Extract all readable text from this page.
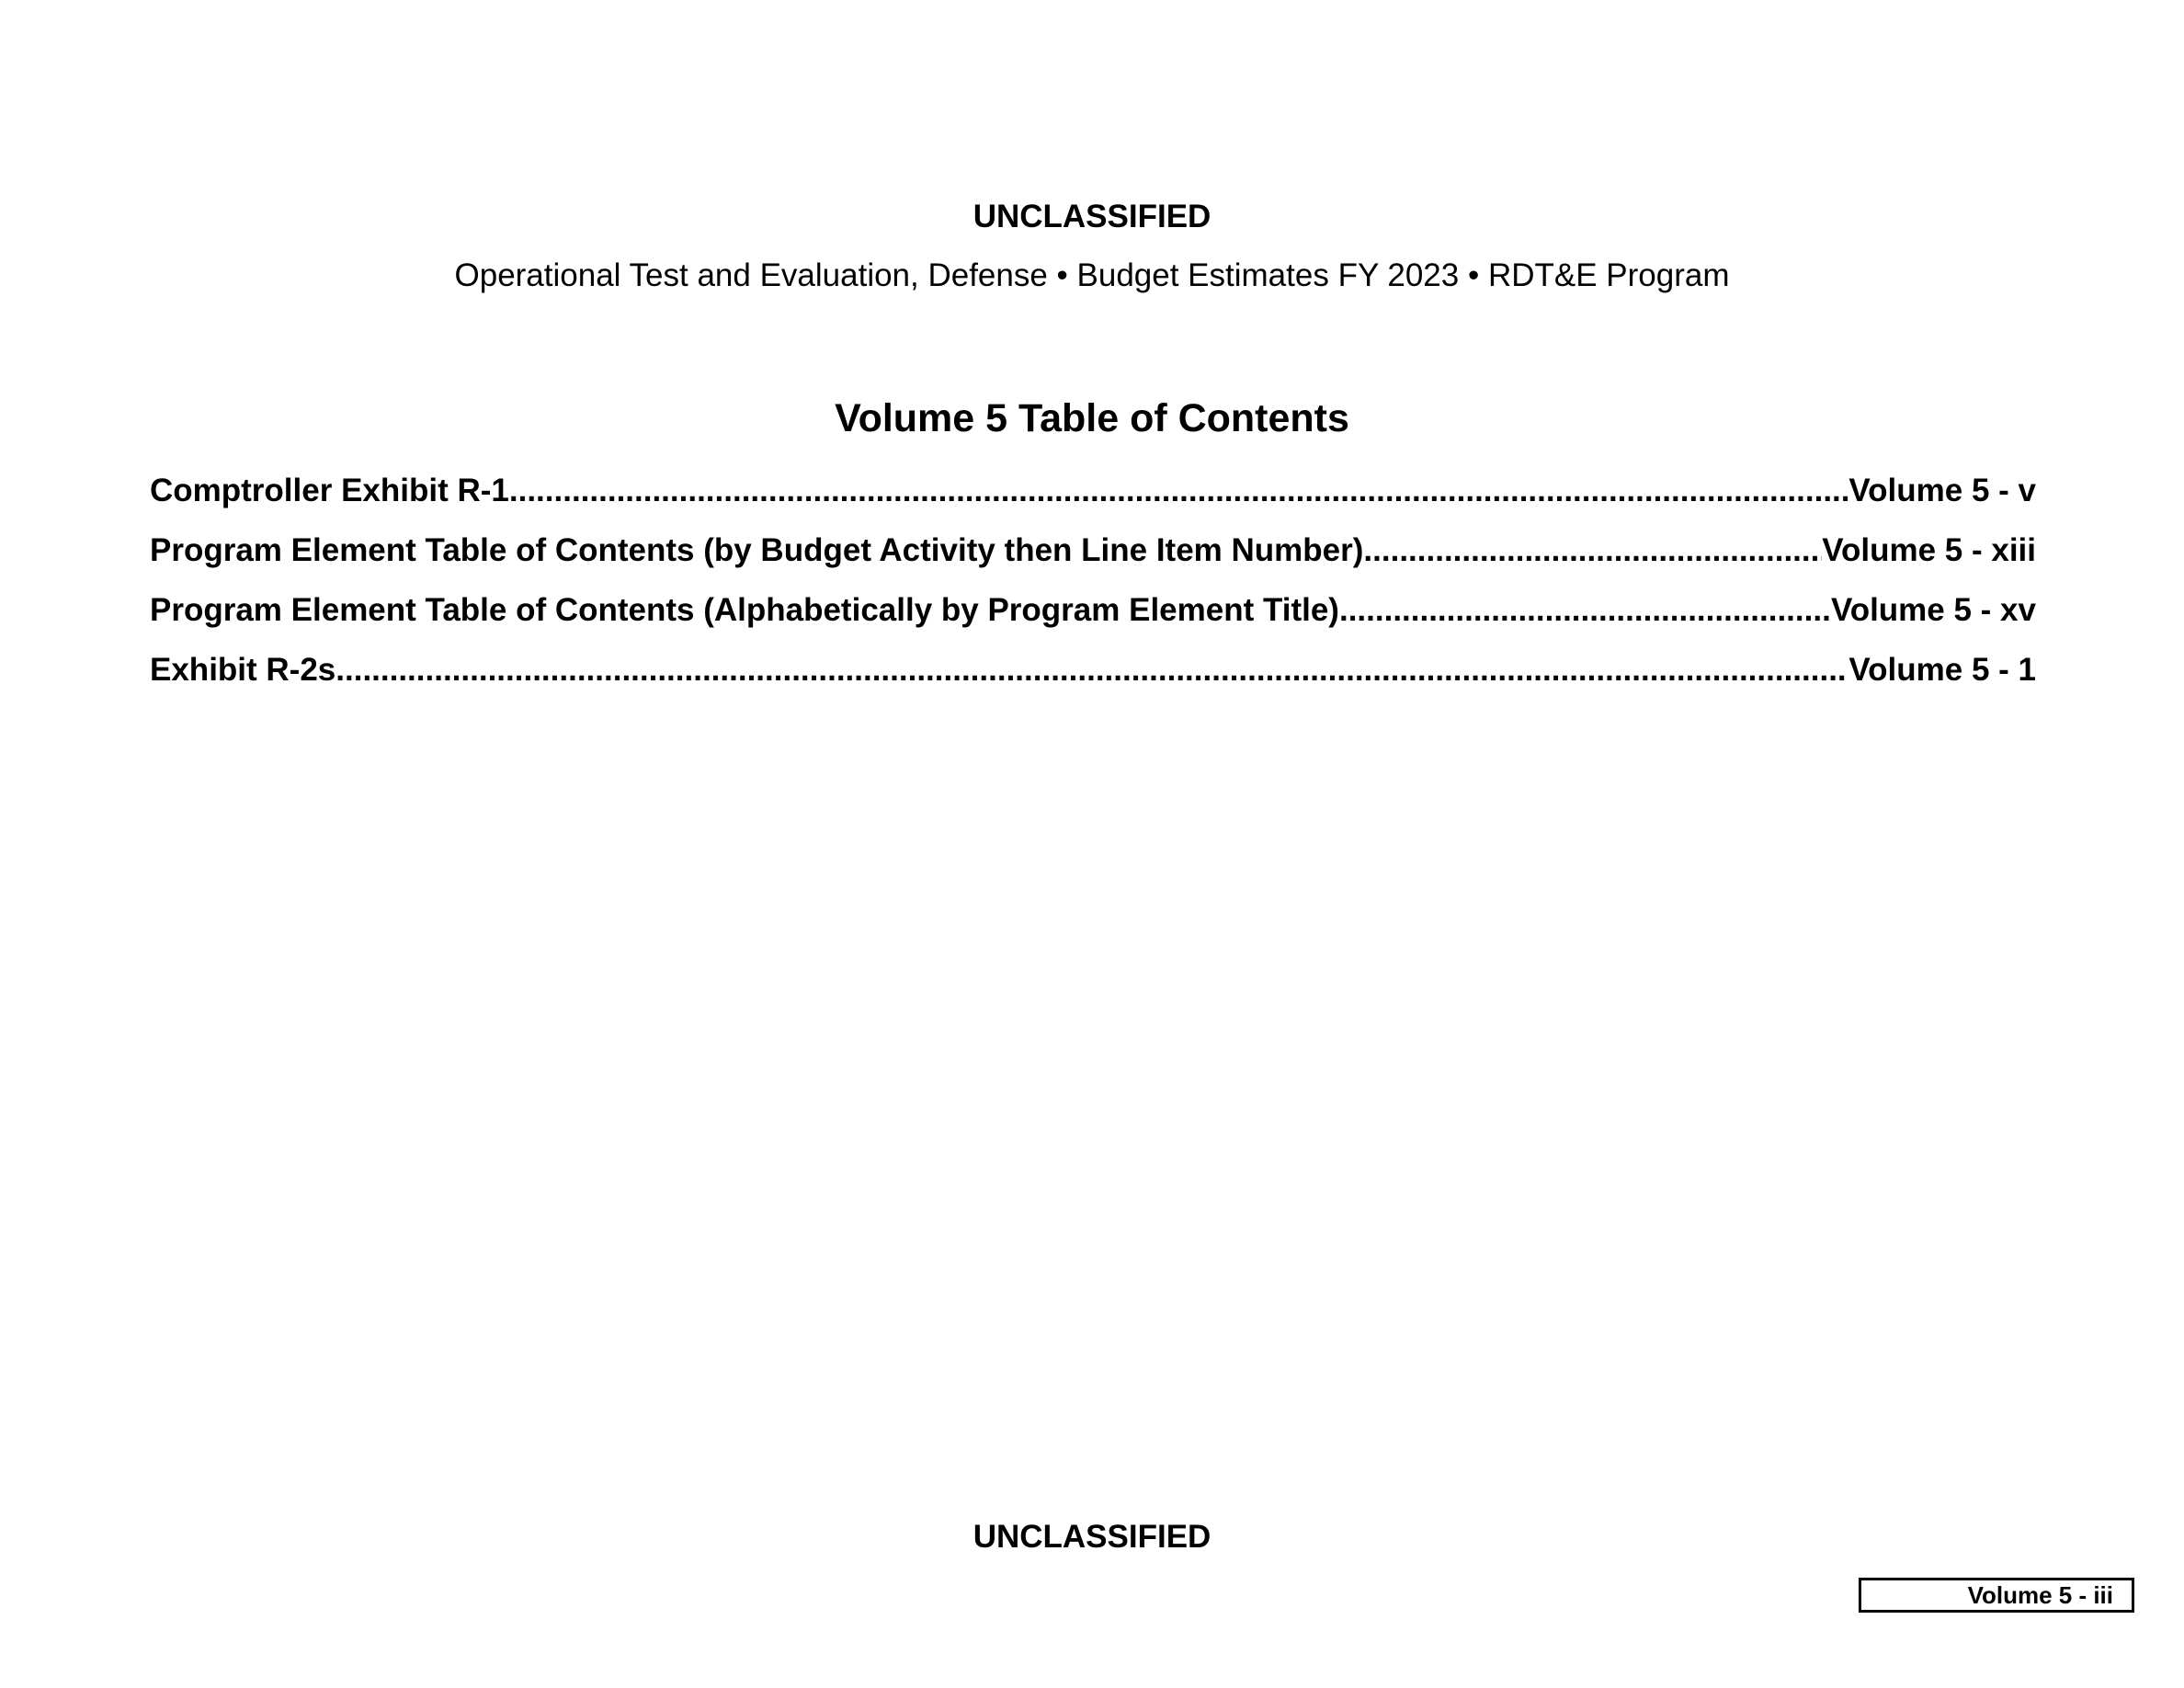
UNCLASSIFIED
Operational Test and Evaluation, Defense • Budget Estimates FY 2023 • RDT&E Program
Volume 5 Table of Contents
Comptroller Exhibit R-1 .....	Volume 5 - v
Program Element Table of Contents (by Budget Activity then Line Item Number) .....	Volume 5 - xiii
Program Element Table of Contents (Alphabetically by Program Element Title) .....	Volume 5 - xv
Exhibit R-2s .....	Volume 5 - 1
UNCLASSIFIED
Volume 5 - iii
